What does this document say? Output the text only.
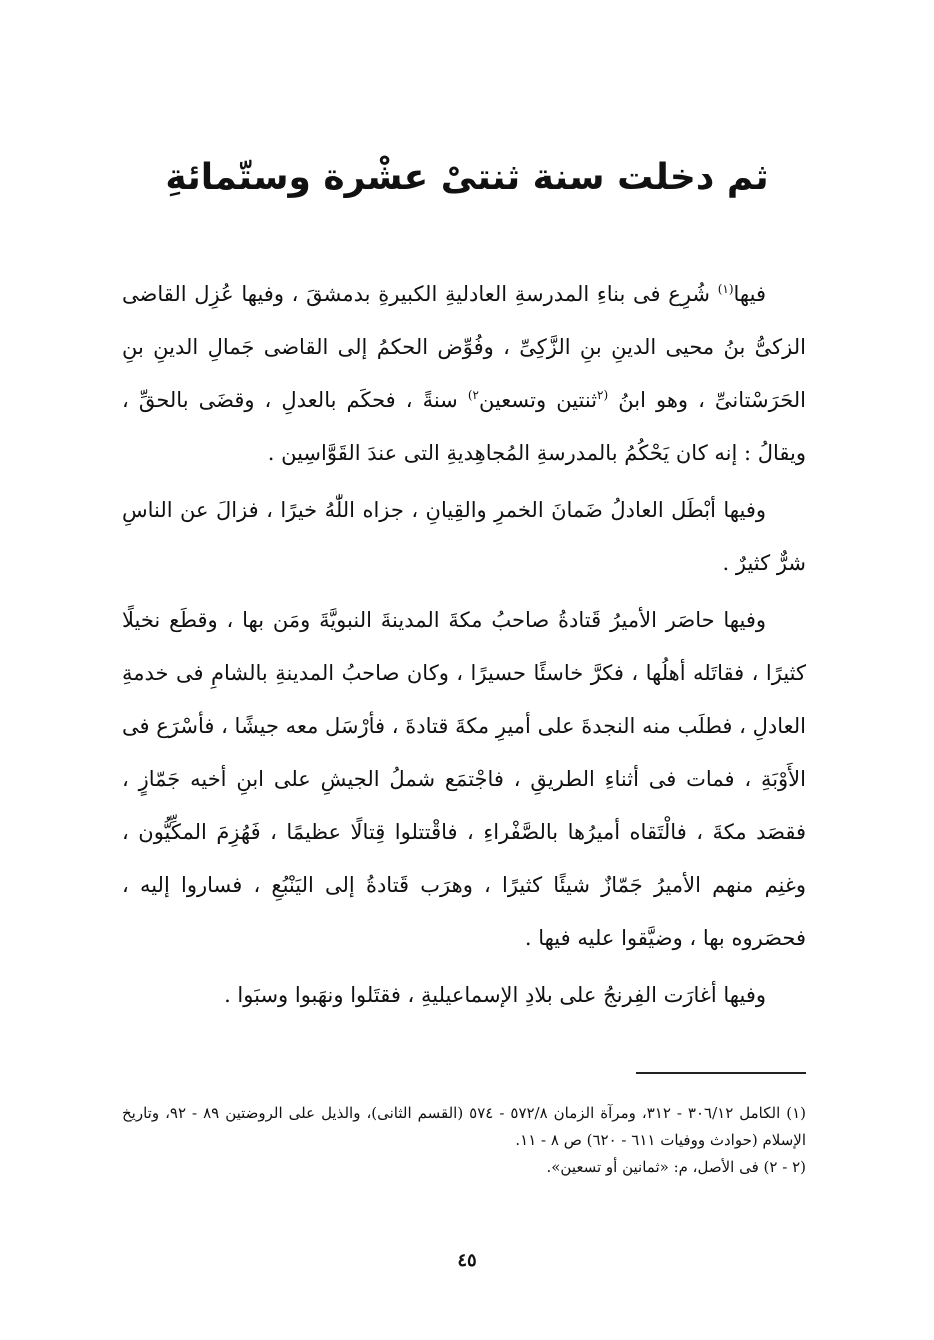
ثم دخلت سنة ثنتىْ عشْرة وستّمائةِ

فيها$^{(١)}$ شُرِع فى بناءِ المدرسةِ العادليةِ الكبيرةِ بدمشقَ ، وفيها عُزِل القاضى الزكىُّ بنُ محيى الدينِ بنِ الزَّكِىِّ ، وفُوِّض الحكمُ إلى القاضى جَمالِ الدينِ بنِ الحَرَسْتانىِّ ، وهو ابنُ $^{(٢}$ثنتين وتسعين$^{٢)}$ سنةً ، فحكَم بالعدلِ ، وقضَى بالحقِّ ، ويقالُ : إنه كان يَحْكُمُ بالمدرسةِ المُجاهِديةِ التى عندَ القَوَّاسِين .

وفيها أبْطَل العادلُ ضَمانَ الخمرِ والقِيانِ ، جزاه اللّٰهُ خيرًا ، فزالَ عن الناسِ شرٌّ كثيرٌ .

وفيها حاصَر الأميرُ قَتادةُ صاحبُ مكةَ المدينةَ النبويَّةَ ومَن بها ، وقطَع نخيلًا كثيرًا ، فقاتَله أهلُها ، فكرَّ خاسئًا حسيرًا ، وكان صاحبُ المدينةِ بالشامِ فى خدمةِ العادلِ ، فطلَب منه النجدةَ على أميرِ مكةَ قتادةَ ، فأرْسَل معه جيشًا ، فأسْرَع فى الأَوْبَةِ ، فمات فى أثناءِ الطريقِ ، فاجْتمَع شملُ الجيشِ على ابنِ أخيه جَمّازٍ ، فقصَد مكةَ ، فالْتَقاه أميرُها بالصَّفْراءِ ، فاقْتتلوا قِتالًا عظيمًا ، فَهُزِمَ المكِّيُّون ، وغنِم منهم الأميرُ جَمّازٌ شيئًا كثيرًا ، وهرَب قَتادةُ إلى اليَنْبُعِ ، فساروا إليه ، فحصَروه بها ، وضيَّقوا عليه فيها .

وفيها أغارَت الفِرنجُ على بلادِ الإسماعيليةِ ، فقتَلوا ونهَبوا وسبَوا .

(١) الكامل ٣٠٦/١٢ - ٣١٢، ومرآة الزمان ٥٧٢/٨ - ٥٧٤ (القسم الثانى)، والذيل على الروضتين ٨٩ - ٩٢، وتاريخ الإسلام (حوادث ووفيات ٦١١ - ٦٢٠) ص ٨ - ١١.
(٢ - ٢) فى الأصل، م: «ثمانين أو تسعين».
٤٥
